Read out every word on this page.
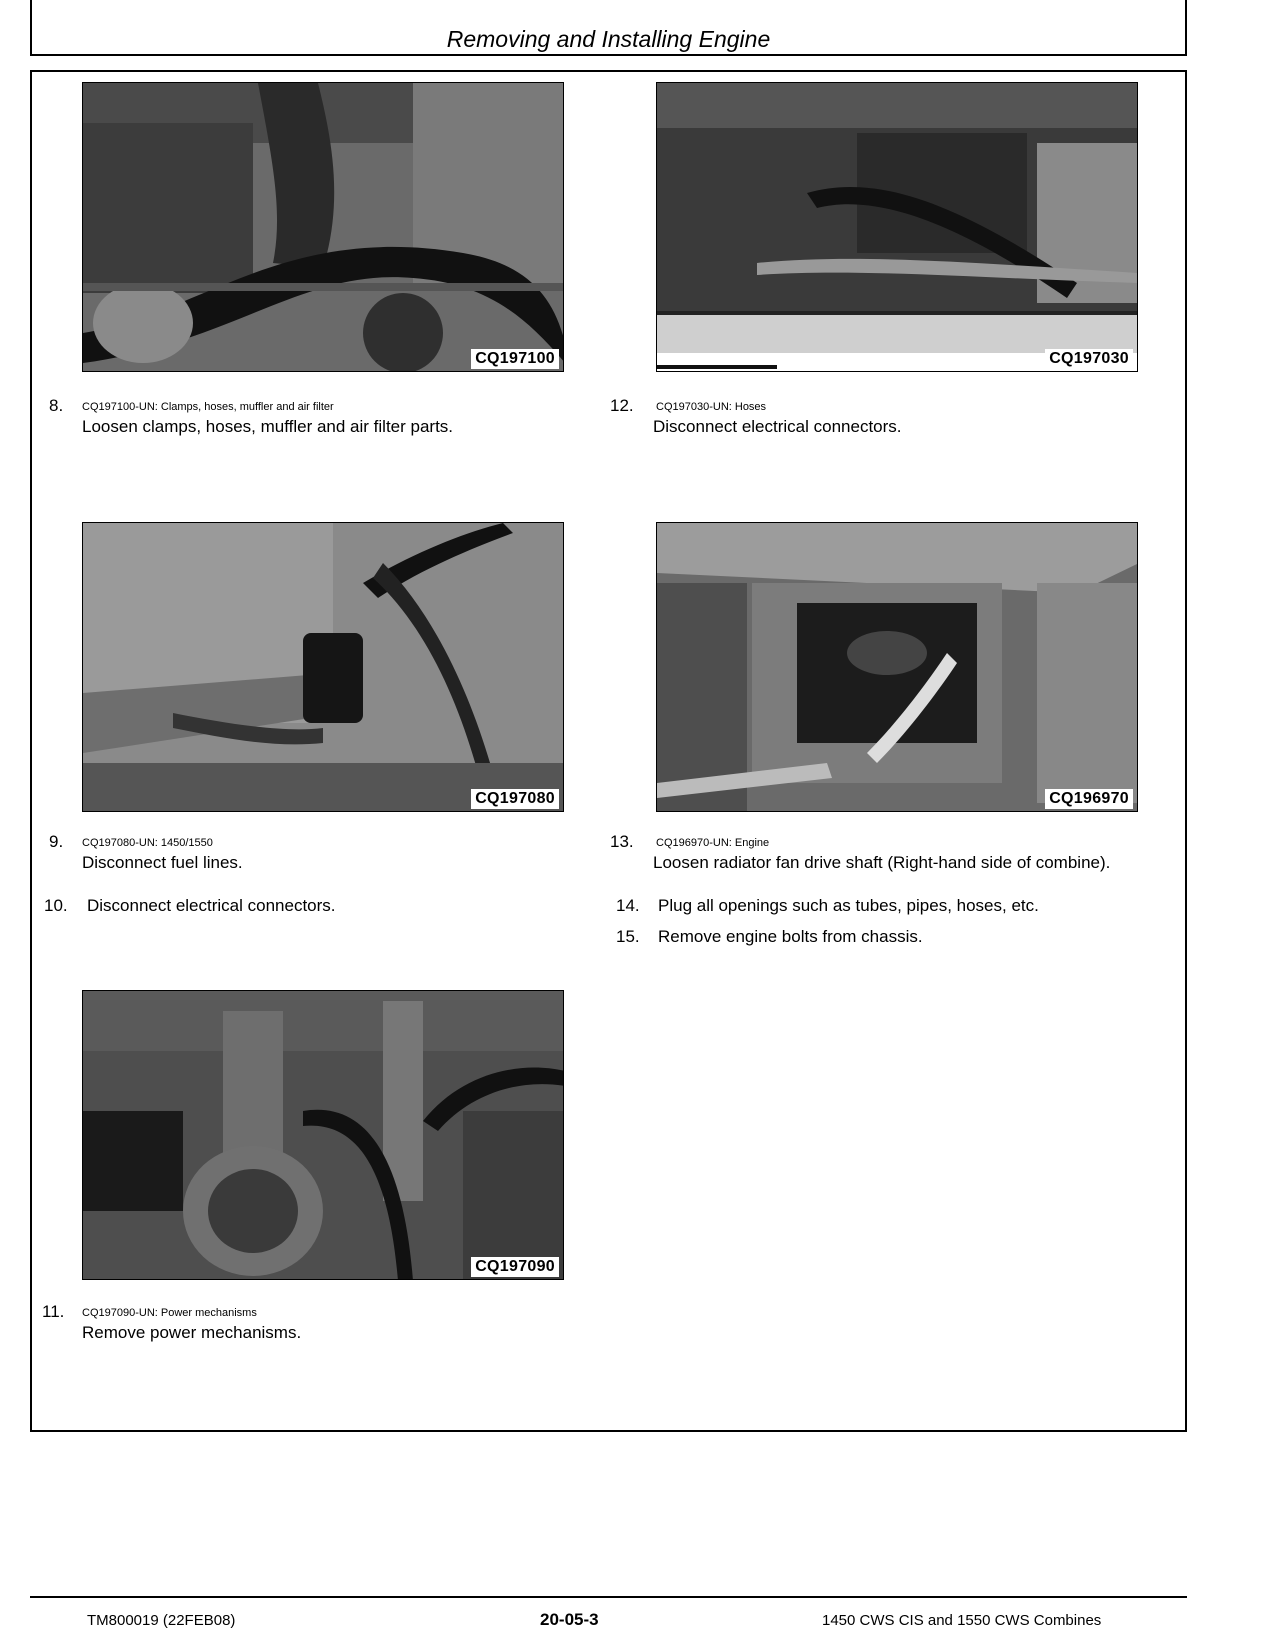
Removing and Installing Engine
CQ197100
8. CQ197100-UN: Clamps, hoses, muffler and air filter
Loosen clamps, hoses, muffler and air filter parts.
CQ197030
12. CQ197030-UN: Hoses
Disconnect electrical connectors.
CQ197080
9. CQ197080-UN: 1450/1550
Disconnect fuel lines.
CQ196970
13. CQ196970-UN: Engine
Loosen radiator fan drive shaft (Right-hand side of combine).
10. Disconnect electrical connectors.	14. Plug all openings such as tubes, pipes, hoses, etc.
15. Remove engine bolts from chassis.
CQ197090
11. CQ197090-UN: Power mechanisms
Remove power mechanisms.
TM800019 (22FEB08)	20-05-3	1450 CWS CIS and 1550 CWS Combines
